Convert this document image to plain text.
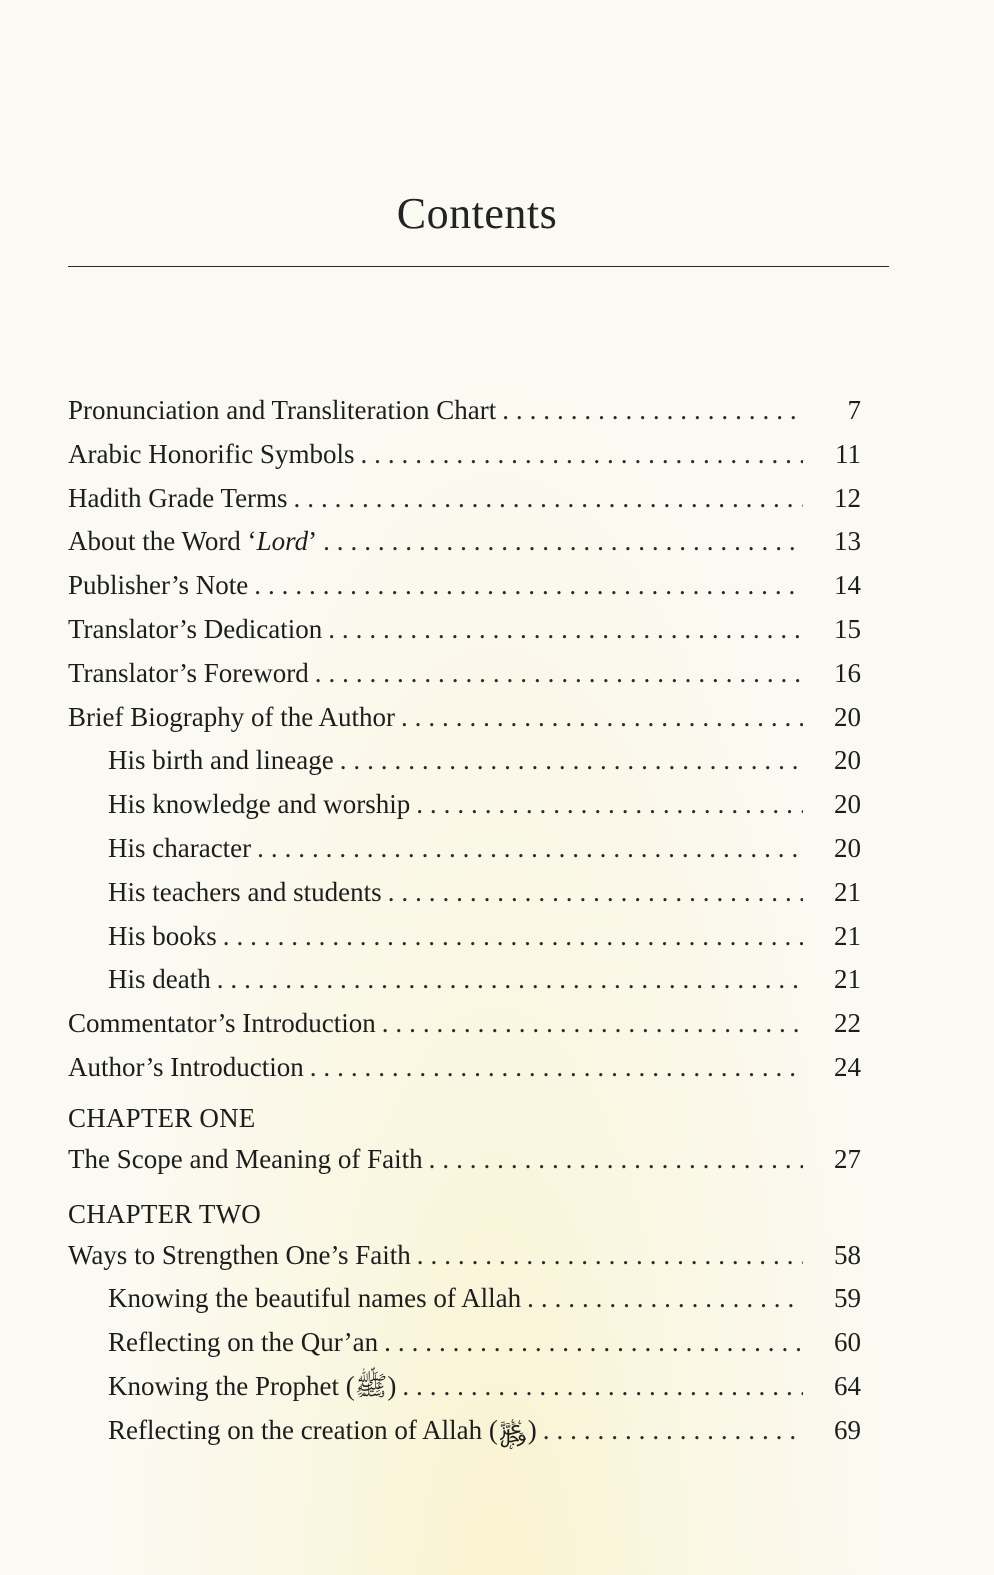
Contents
Pronunciation and Transliteration Chart . . .	7
Arabic Honorific Symbols . . .	11
Hadith Grade Terms . . .	12
About the Word ‘Lord’ . . .	13
Publisher’s Note . . .	14
Translator’s Dedication . . .	15
Translator’s Foreword . . .	16
Brief Biography of the Author . . .	20
His birth and lineage . . .	20
His knowledge and worship . . .	20
His character . . .	20
His teachers and students . . .	21
His books . . .	21
His death . . .	21
Commentator’s Introduction . . .	22
Author’s Introduction . . .	24
CHAPTER ONE
The Scope and Meaning of Faith . . .	27
CHAPTER TWO
Ways to Strengthen One’s Faith . . .	58
Knowing the beautiful names of Allah . . .	59
Reflecting on the Qur’an . . .	60
Knowing the Prophet (ﷺ) . . .	64
Reflecting on the creation of Allah (﷿) . . .	69
